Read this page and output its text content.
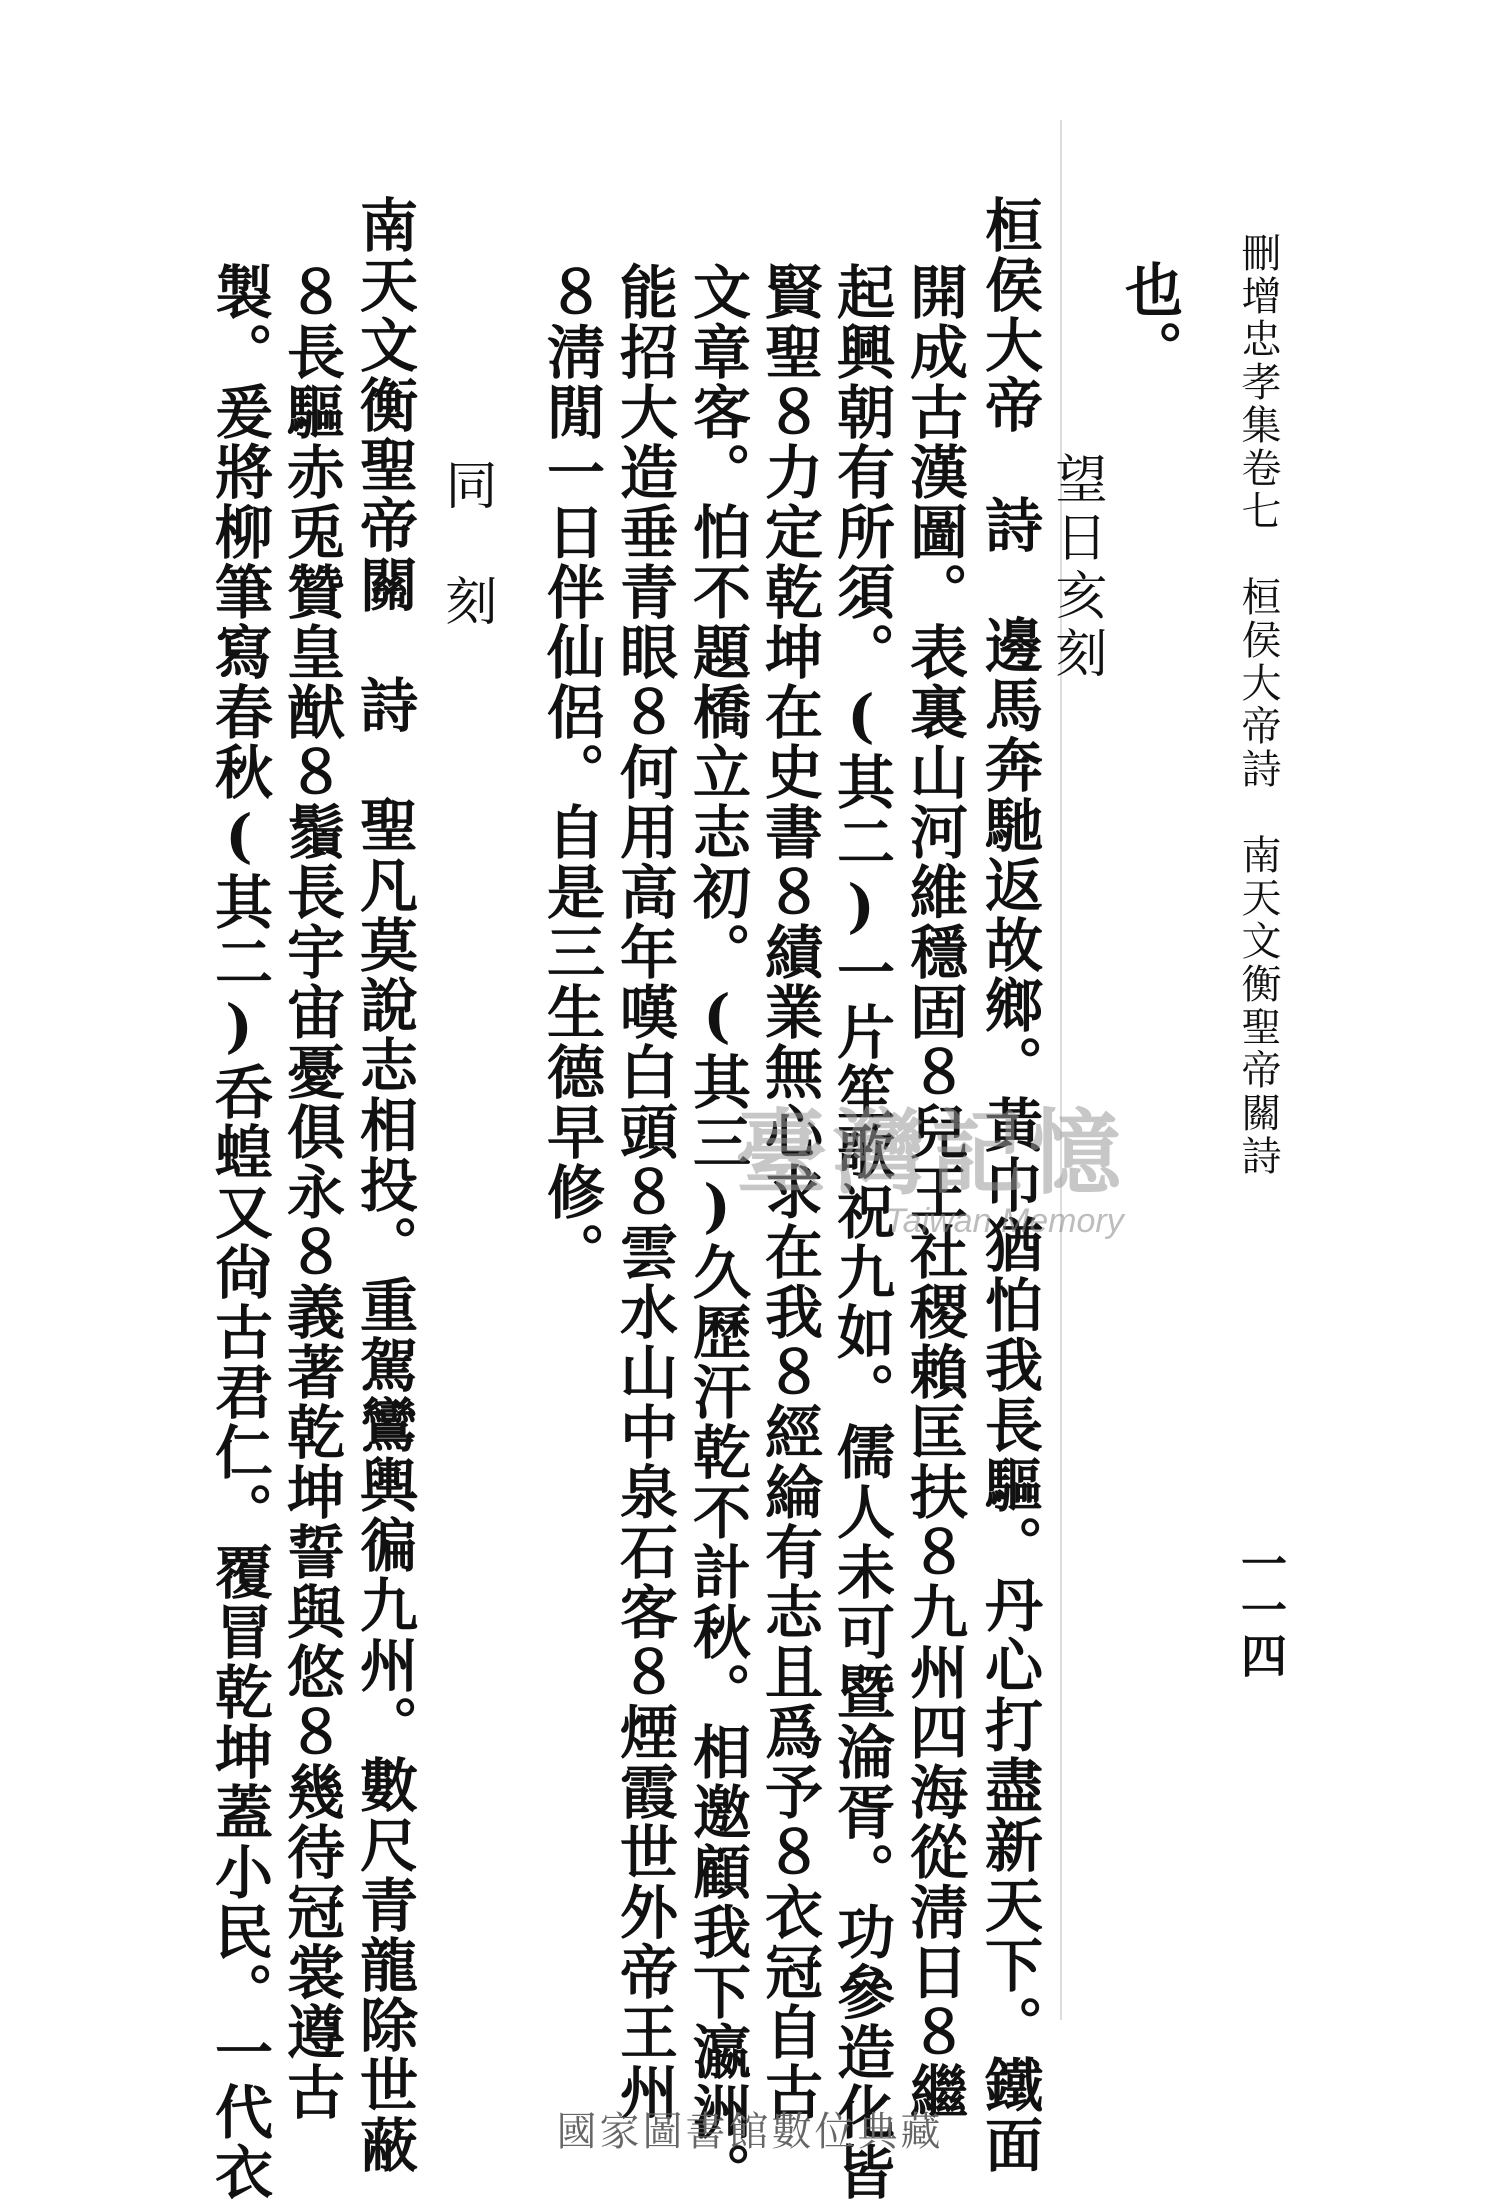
刪增忠孝集卷七　桓侯大帝詩　南天文衡聖帝關詩
一一四
也。
望日亥刻
桓侯大帝　詩　邊馬奔馳返故鄉。黃巾猶怕我長驅。丹心打盡新天下。鐵面
開成古漢圖。表裏山河維穩固８兒王社稷賴匡扶８九州四海從淸日８繼
起興朝有所須。(其二)一片笙歌祝九如。儒人未可暨淪胥。功參造化皆
賢聖８力定乾坤在史書８績業無心求在我８經綸有志且爲予８衣冠自古
文章客。怕不題橋立志初。(其三)久歷汗乾不計秋。相邀顧我下瀛洲。
能招大造垂青眼８何用高年嘆白頭８雲水山中泉石客８煙霞世外帝王州
８淸閒一日伴仙侶。自是三生德早修。
同　刻
南天文衡聖帝關　詩　聖凡莫說志相投。重駕鸞輿徧九州。數尺青龍除世蔽
８長驅赤兎贊皇猷８鬚長宇宙憂俱永８義著乾坤誓與悠８幾待冠裳遵古
製。爰將柳筆寫春秋(其二)呑蝗又尙古君仁。覆冒乾坤蓋小民。一代衣	臺灣記憶
Taiwan Memory
國家圖書館數位典藏
